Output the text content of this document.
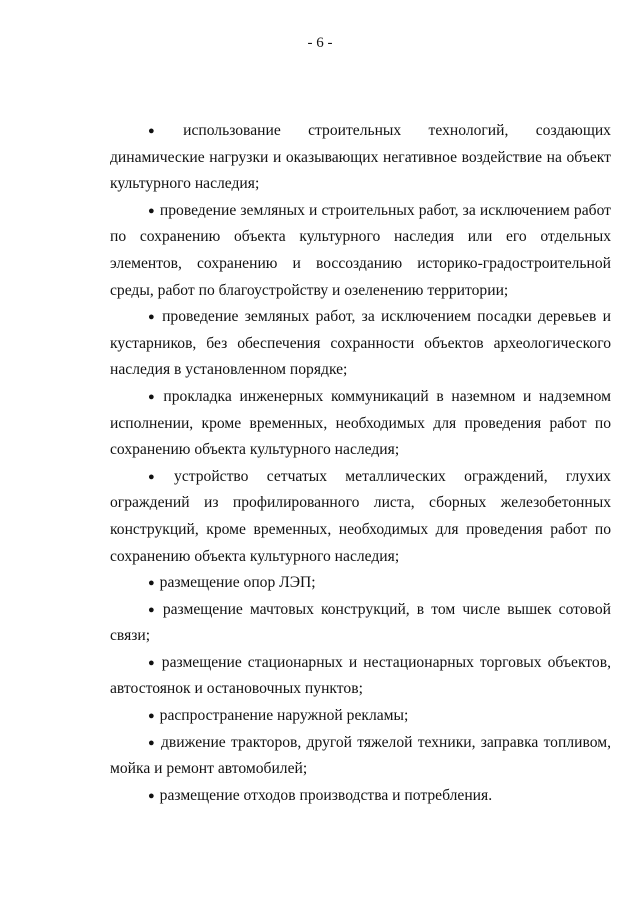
- 6 -
● использование строительных технологий, создающих динамические нагрузки и оказывающих негативное воздействие на объект культурного наследия;
● проведение земляных и строительных работ, за исключением работ по сохранению объекта культурного наследия или его отдельных элементов, сохранению и воссозданию историко-градостроительной среды, работ по благоустройству и озеленению территории;
● проведение земляных работ, за исключением посадки деревьев и кустарников, без обеспечения сохранности объектов археологического наследия в установленном порядке;
● прокладка инженерных коммуникаций в наземном и надземном исполнении, кроме временных, необходимых для проведения работ по сохранению объекта культурного наследия;
● устройство сетчатых металлических ограждений, глухих ограждений из профилированного листа, сборных железобетонных конструкций, кроме временных, необходимых для проведения работ по сохранению объекта культурного наследия;
● размещение опор ЛЭП;
● размещение мачтовых конструкций, в том числе вышек сотовой связи;
● размещение стационарных и нестационарных торговых объектов, автостоянок и остановочных пунктов;
● распространение наружной рекламы;
● движение тракторов, другой тяжелой техники, заправка топливом, мойка и ремонт автомобилей;
● размещение отходов производства и потребления.
